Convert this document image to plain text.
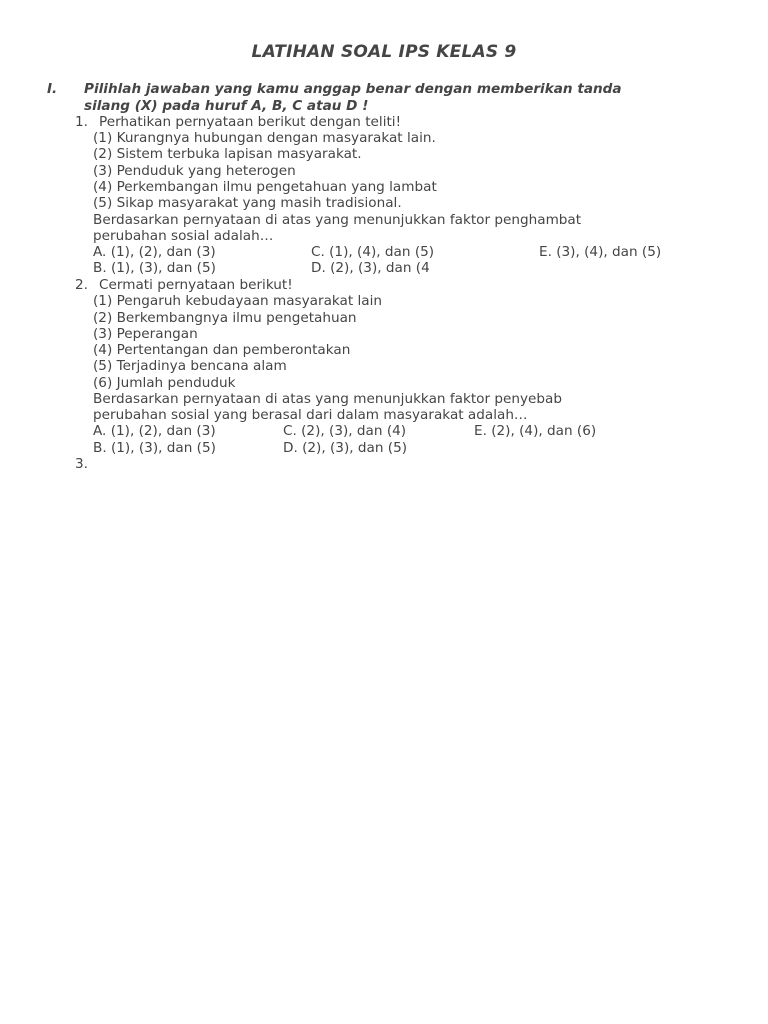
LATIHAN SOAL IPS KELAS 9
I. Pilihlah jawaban yang kamu anggap benar dengan memberikan tanda
silang (X) pada huruf A, B, C atau D !
1. Perhatikan pernyataan berikut dengan teliti!
(1) Kurangnya hubungan dengan masyarakat lain.
(2) Sistem terbuka lapisan masyarakat.
(3) Penduduk yang heterogen
(4) Perkembangan ilmu pengetahuan yang lambat
(5) Sikap masyarakat yang masih tradisional.
Berdasarkan pernyataan di atas yang menunjukkan faktor penghambat
perubahan sosial adalah…
A. (1), (2), dan (3)	C. (1), (4), dan (5)	E. (3), (4), dan (5)
B. (1), (3), dan (5)	D. (2), (3), dan (4
2. Cermati pernyataan berikut!
(1) Pengaruh kebudayaan masyarakat lain
(2) Berkembangnya ilmu pengetahuan
(3) Peperangan
(4) Pertentangan dan pemberontakan
(5) Terjadinya bencana alam
(6) Jumlah penduduk
Berdasarkan pernyataan di atas yang menunjukkan faktor penyebab
perubahan sosial yang berasal dari dalam masyarakat adalah…
A. (1), (2), dan (3)	C. (2), (3), dan (4)	E. (2), (4), dan (6)
B. (1), (3), dan (5)	D. (2), (3), dan (5)
3.
